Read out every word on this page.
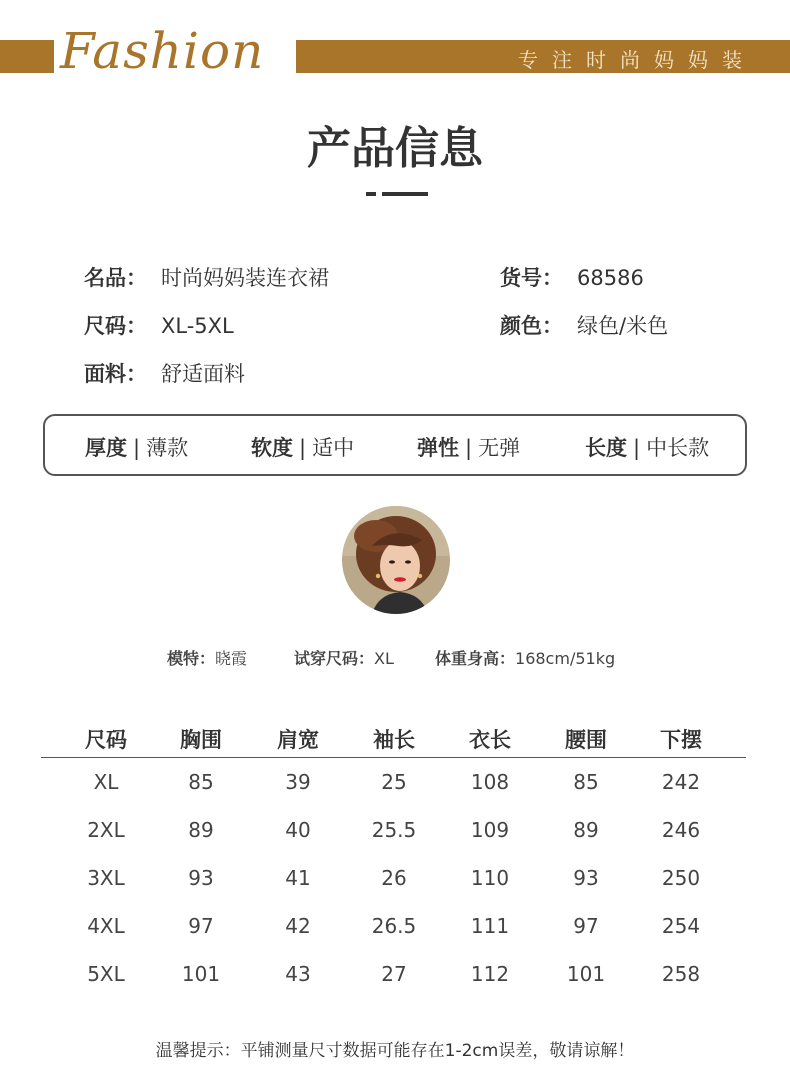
Fashion	专注时尚妈妈装
产品信息
名品： 时尚妈妈装连衣裙	货号： 68586
尺码： XL-5XL	颜色： 绿色/米色
面料： 舒适面料
厚度 | 薄款	软度 | 适中	弹性 | 无弹	长度 | 中长款
模特：晓霞	试穿尺码：XL	体重身高：168cm/51kg
尺码	胸围	肩宽	袖长	衣长	腰围	下摆
XL	85	39	25	108	85	242
2XL	89	40	25.5	109	89	246
3XL	93	41	26	110	93	250
4XL	97	42	26.5	111	97	254
5XL	101	43	27	112	101	258
温馨提示：平铺测量尺寸数据可能存在1-2cm误差，敬请谅解！
